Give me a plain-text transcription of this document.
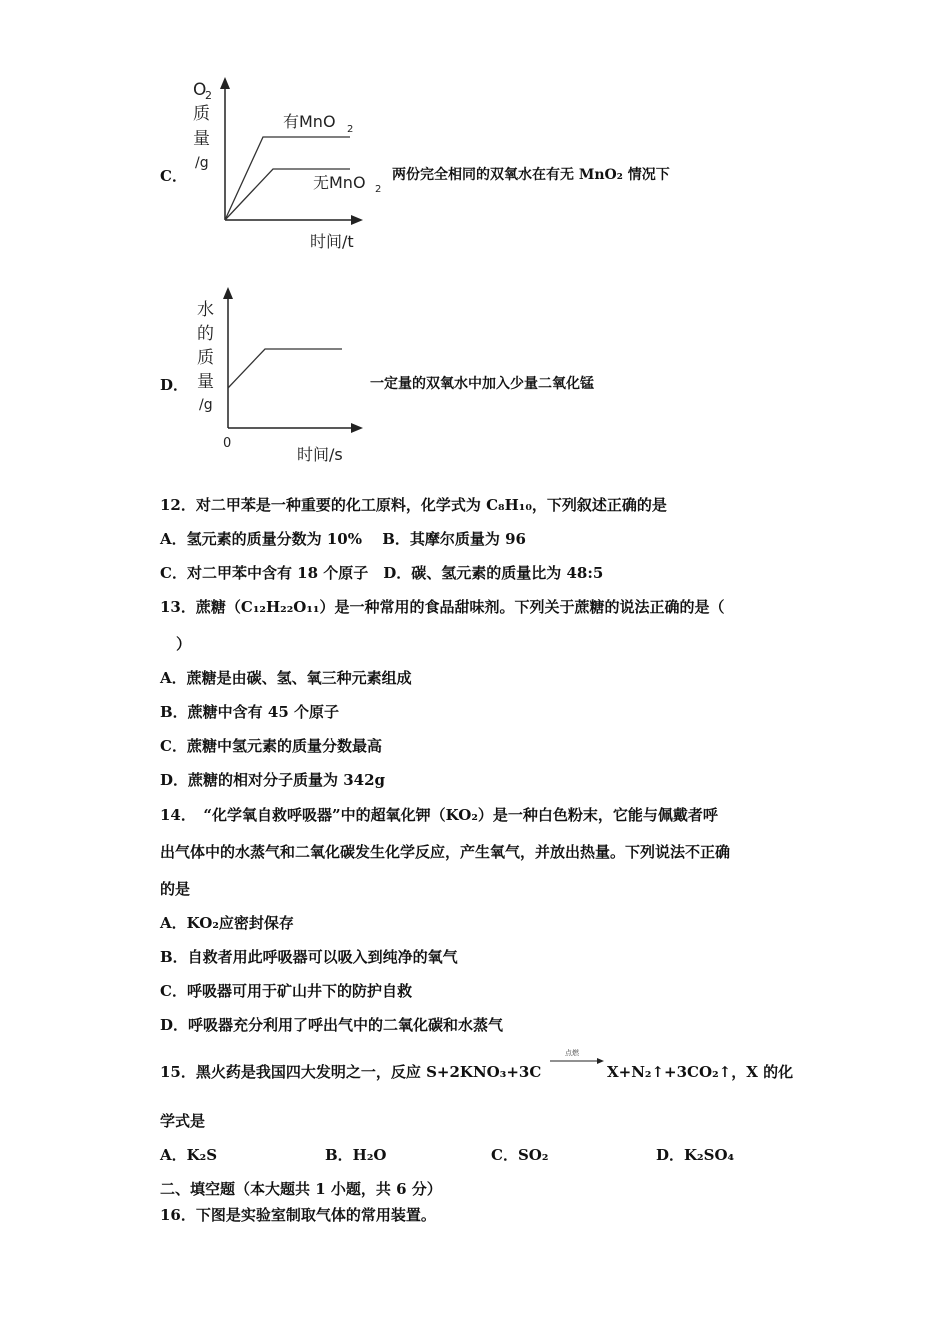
C．
O
2
质
量
/g
有MnO 2
无MnO 2
时间/t
两份完全相同的双氧水在有无 MnO₂ 情况下
D．
水
的
质
量
/g
0
时间/s
一定量的双氧水中加入少量二氧化锰
12．对二甲苯是一种重要的化工原料，化学式为 C₈H₁₀，下列叙述正确的是
A．氢元素的质量分数为 10%　 B．其摩尔质量为 96
C．对二甲苯中含有 18 个原子　D．碳、氢元素的质量比为 48:5
13．蔗糖（C₁₂H₂₂O₁₁）是一种常用的食品甜味剂。下列关于蔗糖的说法正确的是（
）
A．蔗糖是由碳、氢、氧三种元素组成
B．蔗糖中含有 45 个原子
C．蔗糖中氢元素的质量分数最高
D．蔗糖的相对分子质量为 342g
14．　“化学氧自救呼吸器”中的超氧化钾（KO₂）是一种白色粉末，它能与佩戴者呼
出气体中的水蒸气和二氧化碳发生化学反应，产生氧气，并放出热量。下列说法不正确
的是
A．KO₂应密封保存
B．自救者用此呼吸器可以吸入到纯净的氧气
C．呼吸器可用于矿山井下的防护自救
D．呼吸器充分利用了呼出气中的二氧化碳和水蒸气
15．黑火药是我国四大发明之一，反应 S+2KNO₃+3C
点燃
X+N₂↑+3CO₂↑，X 的化
学式是
A．K₂S	B．H₂O	C．SO₂	D．K₂SO₄
二、填空题（本大题共 1 小题，共 6 分）
16．下图是实验室制取气体的常用装置。
